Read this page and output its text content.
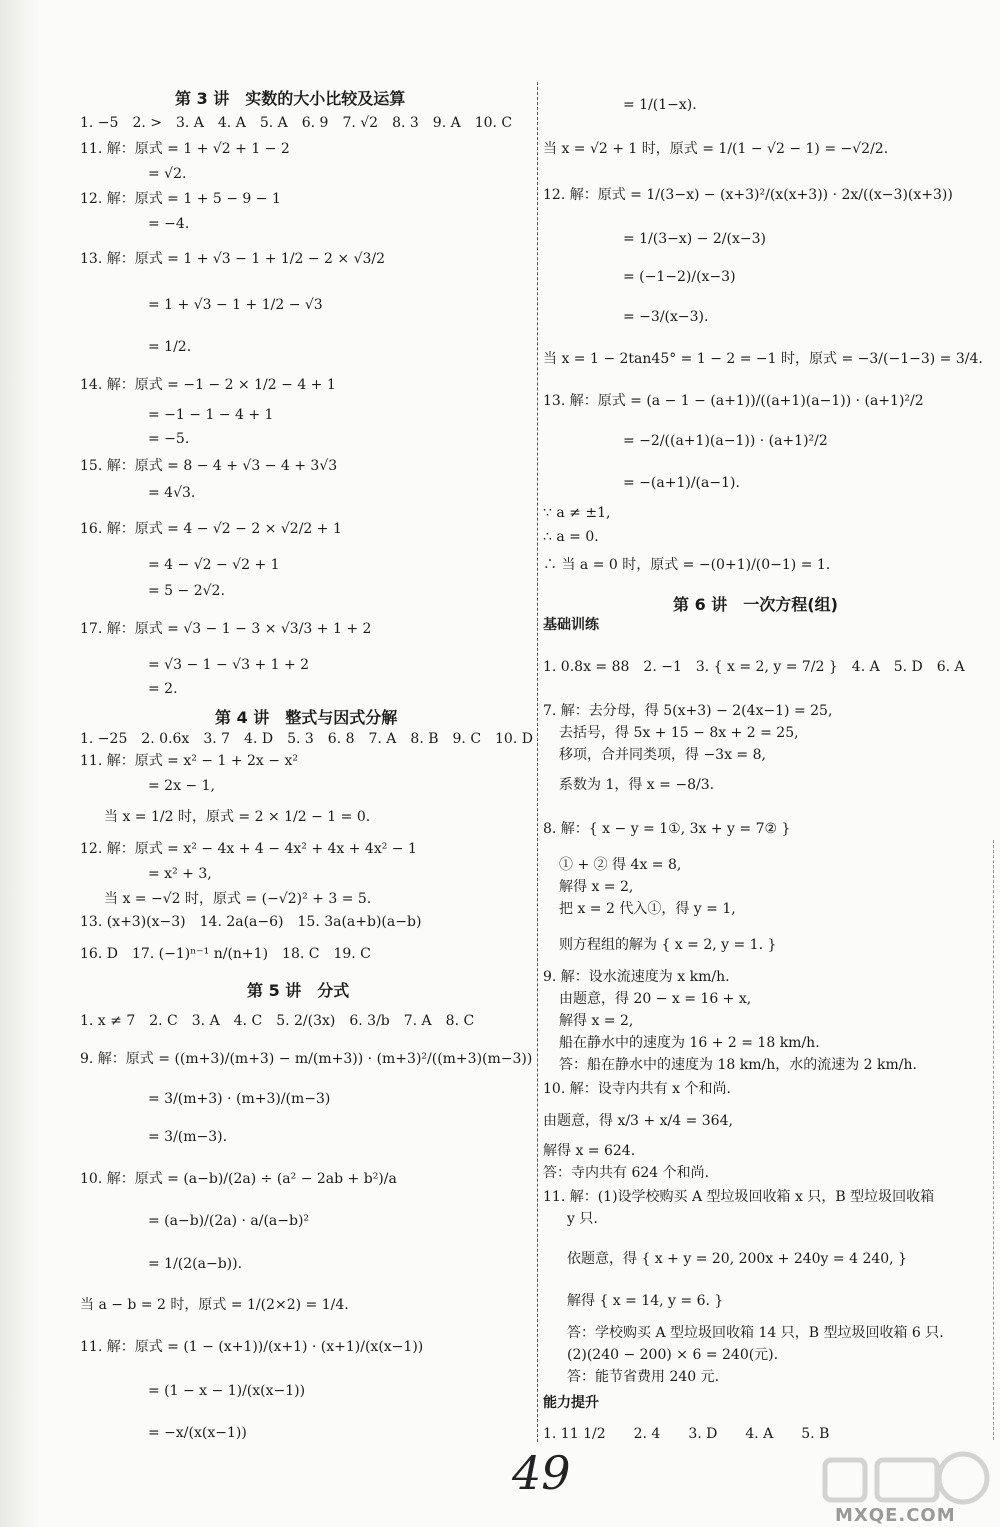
第 3 讲　实数的大小比较及运算
1. −5　2. >　3. A　4. A　5. A　6. 9　7. √2　8. 3　9. A　10. C
11. 解：原式 = 1 + √2 + 1 − 2
= √2.
12. 解：原式 = 1 + 5 − 9 − 1
= −4.
13. 解：原式 = 1 + √3 − 1 + 1/2 − 2 × √3/2
= 1 + √3 − 1 + 1/2 − √3
= 1/2.
14. 解：原式 = −1 − 2 × 1/2 − 4 + 1
= −1 − 1 − 4 + 1
= −5.
15. 解：原式 = 8 − 4 + √3 − 4 + 3√3
= 4√3.
16. 解：原式 = 4 − √2 − 2 × √2/2 + 1
= 4 − √2 − √2 + 1
= 5 − 2√2.
17. 解：原式 = √3 − 1 − 3 × √3/3 + 1 + 2
= √3 − 1 − √3 + 1 + 2
= 2.
第 4 讲　整式与因式分解
1. −25　2. 0.6x　3. 7　4. D　5. 3　6. 8　7. A　8. B　9. C　10. D
11. 解：原式 = x² − 1 + 2x − x²
= 2x − 1,
当 x = 1/2 时，原式 = 2 × 1/2 − 1 = 0.
12. 解：原式 = x² − 4x + 4 − 4x² + 4x + 4x² − 1
= x² + 3,
当 x = −√2 时，原式 = (−√2)² + 3 = 5.
13. (x+3)(x−3)　14. 2a(a−6)　15. 3a(a+b)(a−b)
16. D　17. (−1)ⁿ⁻¹ n/(n+1)　18. C　19. C
第 5 讲　分式
1. x ≠ 7　2. C　3. A　4. C　5. 2/(3x)　6. 3/b　7. A　8. C
9. 解：原式 = ((m+3)/(m+3) − m/(m+3)) · (m+3)²/((m+3)(m−3))
= 3/(m+3) · (m+3)/(m−3)
= 3/(m−3).
10. 解：原式 = (a−b)/(2a) ÷ (a² − 2ab + b²)/a
= (a−b)/(2a) · a/(a−b)²
= 1/(2(a−b)).
当 a − b = 2 时，原式 = 1/(2×2) = 1/4.
11. 解：原式 = (1 − (x+1))/(x+1) · (x+1)/(x(x−1))
= (1 − x − 1)/(x(x−1))
= −x/(x(x−1))
= 1/(1−x).
当 x = √2 + 1 时，原式 = 1/(1 − √2 − 1) = −√2/2.
12. 解：原式 = 1/(3−x) − (x+3)²/(x(x+3)) · 2x/((x−3)(x+3))
= 1/(3−x) − 2/(x−3)
= (−1−2)/(x−3)
= −3/(x−3).
当 x = 1 − 2tan45° = 1 − 2 = −1 时，原式 = −3/(−1−3) = 3/4.
13. 解：原式 = (a − 1 − (a+1))/((a+1)(a−1)) · (a+1)²/2
= −2/((a+1)(a−1)) · (a+1)²/2
= −(a+1)/(a−1).
∵ a ≠ ±1,
∴ a = 0.
∴ 当 a = 0 时，原式 = −(0+1)/(0−1) = 1.
第 6 讲　一次方程(组)
基础训练
1. 0.8x = 88　2. −1　3. { x = 2, y = 7/2 }　4. A　5. D　6. A
7. 解：去分母，得 5(x+3) − 2(4x−1) = 25,
去括号，得 5x + 15 − 8x + 2 = 25,
移项，合并同类项，得 −3x = 8,
系数为 1，得 x = −8/3.
8. 解：{ x − y = 1①, 3x + y = 7② }
① + ② 得 4x = 8,
解得 x = 2,
把 x = 2 代入①，得 y = 1,
则方程组的解为 { x = 2, y = 1. }
9. 解：设水流速度为 x km/h.
由题意，得 20 − x = 16 + x,
解得 x = 2,
船在静水中的速度为 16 + 2 = 18 km/h.
答：船在静水中的速度为 18 km/h，水的流速为 2 km/h.
10. 解：设寺内共有 x 个和尚.
由题意，得 x/3 + x/4 = 364,
解得 x = 624.
答：寺内共有 624 个和尚.
11. 解：(1)设学校购买 A 型垃圾回收箱 x 只，B 型垃圾回收箱
y 只.
依题意，得 { x + y = 20, 200x + 240y = 4 240, }
解得 { x = 14, y = 6. }
答：学校购买 A 型垃圾回收箱 14 只，B 型垃圾回收箱 6 只.
(2)(240 − 200) × 6 = 240(元).
答：能节省费用 240 元.
能力提升
1. 11 1/2　　2. 4　　3. D　　4. A　　5. B
49
MXQE.COM
